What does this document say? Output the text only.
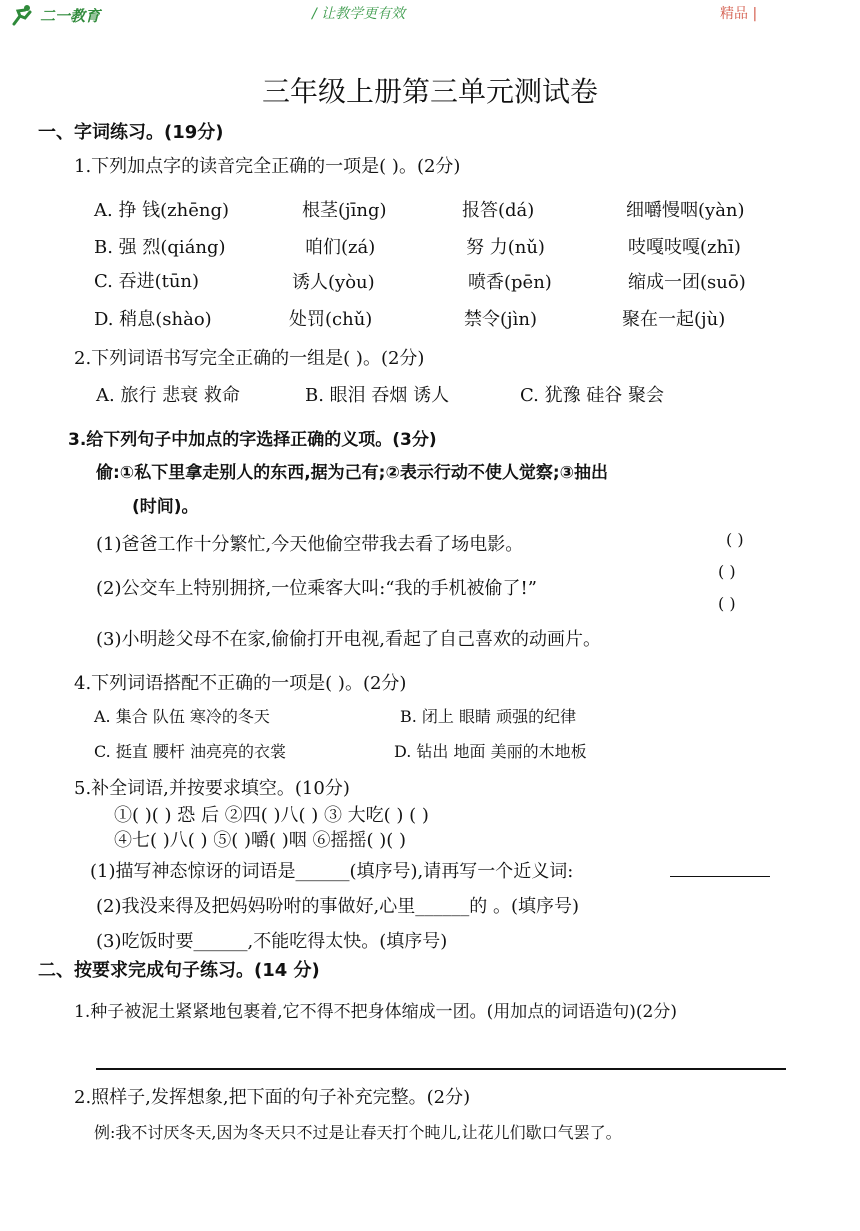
二一教育	/ 让教学更有效	精品 |
三年级上册第三单元测试卷
一、字词练习。(19分)
1.下列加点字的读音完全正确的一项是( )。(2分)
A. 挣 钱(zhēng)	根茎(jīng)	报答(dá)	细嚼慢咽(yàn)
B. 强 烈(qiáng)	咱们(zá)	努 力(nǔ)	吱嘎吱嘎(zhī)
C. 吞进(tūn)	诱人(yòu)	喷香(pēn)	缩成一团(suō)
D. 稍息(shào)	处罚(chǔ)	禁令(jìn)	聚在一起(jù)
2.下列词语书写完全正确的一组是( )。(2分)
A. 旅行 悲衰 救命	B. 眼泪 吞烟 诱人	C. 犹豫 硅谷 聚会
3.给下列句子中加点的字选择正确的义项。(3分)
偷:①私下里拿走别人的东西,据为己有;②表示行动不使人觉察;③抽出
(时间)。
(1)爸爸工作十分繁忙,今天他偷空带我去看了场电影。	( )
(2)公交车上特别拥挤,一位乘客大叫:“我的手机被偷了!”
( )
( )
(3)小明趁父母不在家,偷偷打开电视,看起了自己喜欢的动画片。
4.下列词语搭配不正确的一项是( )。(2分)
A. 集合 队伍 寒冷的冬天	B. 闭上 眼睛 顽强的纪律
C. 挺直 腰杆 油亮亮的衣裳	D. 钻出 地面 美丽的木地板
5.补全词语,并按要求填空。(10分)
①( )( ) 恐 后 ②四( )八( ) ③ 大吃( ) ( )
④七( )八( ) ⑤( )嚼( )咽 ⑥摇摇( )( )
(1)描写神态惊讶的词语是______(填序号),请再写一个近义词:
(2)我没来得及把妈妈吩咐的事做好,心里______的 。(填序号)
(3)吃饭时要______,不能吃得太快。(填序号)
二、按要求完成句子练习。(14 分)
1.种子被泥土紧紧地包裹着,它不得不把身体缩成一团。(用加点的词语造句)(2分)
2.照样子,发挥想象,把下面的句子补充完整。(2分)
例:我不讨厌冬天,因为冬天只不过是让春天打个盹儿,让花儿们歇口气罢了。
